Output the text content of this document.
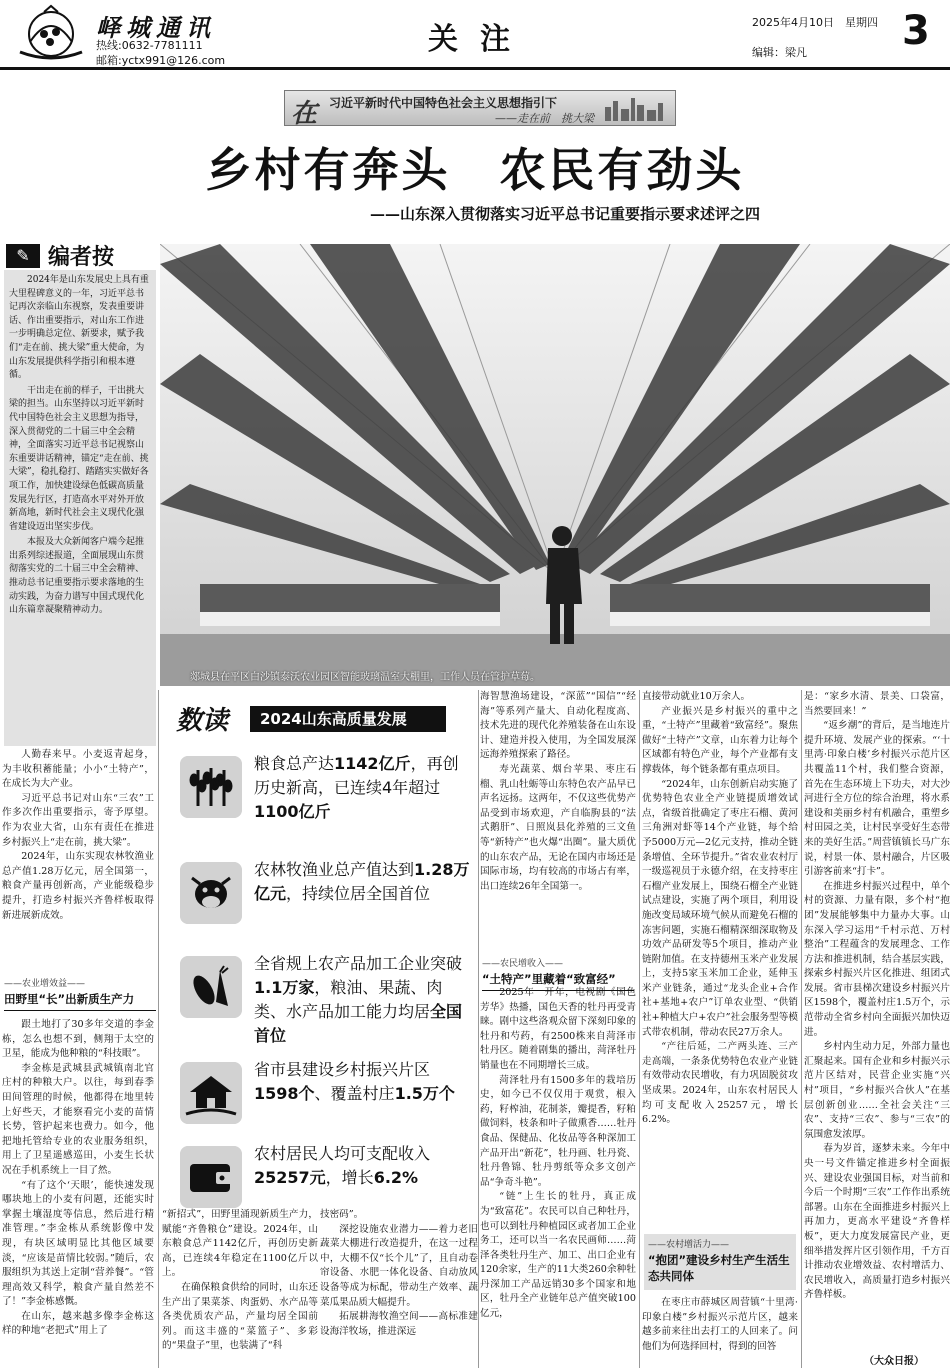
峄城通讯
热线:0632-7781111
邮箱:yctx991@126.com
关注	2025年4月10日　星期四
编辑：梁凡 3
在 习近平新时代中国特色社会主义思想指引下
——走在前　挑大梁
乡村有奔头　农民有劲头
——山东深入贯彻落实习近平总书记重要指示要求述评之四
✎ 编者按

2024年是山东发展史上具有重大里程碑意义的一年，习近平总书记再次亲临山东视察，发表重要讲话、作出重要指示，对山东工作进一步明确总定位、新要求，赋予我们“走在前、挑大梁”重大使命，为山东发展提供科学指引和根本遵循。

干出走在前的样子，干出挑大梁的担当。山东坚持以习近平新时代中国特色社会主义思想为指导，深入贯彻党的二十届三中全会精神，全面落实习近平总书记视察山东重要讲话精神，锚定“走在前、挑大梁”，稳扎稳打、踏踏实实做好各项工作，加快建设绿色低碳高质量发展先行区，打造高水平对外开放新高地，新时代社会主义现代化强省建设迈出坚实步伐。

本报及大众新闻客户端今起推出系列综述报道，全面展现山东贯彻落实党的二十届三中全会精神、推动总书记重要指示要求落地的生动实践，为奋力谱写中国式现代化山东篇章凝聚精神动力。

郯城县在平区白沙镇泰沃农业园区智能玻璃温室大棚里，工作人员在管护草莓。
数读	2024山东高质量发展
粮食总产达1142亿斤，再创历史新高，已连续4年超过1100亿斤
农林牧渔业总产值达到1.28万亿元，持续位居全国首位
全省规上农产品加工企业突破1.1万家，粮油、果蔬、肉类、水产品加工能力均居全国首位
省市县建设乡村振兴片区1598个、覆盖村庄1.5万个
农村居民人均可支配收入25257元，增长6.2%

人勤春来早。小麦返青起身，为丰收积蓄能量；小小“土特产”，在成长为大产业。

习近平总书记对山东“三农”工作多次作出重要指示，寄予厚望。作为农业大省，山东有责任在推进乡村振兴上“走在前，挑大梁”。

2024年，山东实现农林牧渔业总产值1.28万亿元，居全国第一，粮食产量再创新高，产业能级稳步提升，打造乡村振兴齐鲁样板取得新进展新成效。

——农业增效益——
田野里“长”出新质生产力

跟土地打了30多年交道的李金栋，怎么也想不到，侧翔于太空的卫星，能成为他种粮的“科技眼”。

李金栋是武城县武城镇南北官庄村的种粮大户。以往，每到春季田间管理的时候，他都得在地里转上好些天，才能察看完小麦的苗情长势，管护起来也费力。如今，他把地托管给专业的农业服务组织，用上了卫星遥感巡田，小麦生长状况在手机系统上一目了然。

“有了这个‘天眼’，能快速发现哪块地上的小麦有问题，还能实时掌握土壤湿度等信息，然后进行精准管理。”李金栋从系统影像中发现，有块区域明显比其他区域要淡，“应该是苗情比较弱。”随后，农服组织为其送上定制“营养餐”。“管理高效又科学，粮食产量自然差不了！”李金栋感慨。

在山东，越来越多像李金栋这样的种地“老把式”用上了

“新招式”，田野里涌现新质生产力，赋能“齐鲁粮仓”建设。2024年，山东粮食总产1142亿斤，再创历史新高，已连续4年稳定在1100亿斤以上。

在确保粮食供给的同时，山东还生产出了果菜茶、肉蛋奶、水产品等各类优质农产品，产量均居全国前列。而这丰盛的“菜篮子”、多彩的“果盘子”里，也装满了“科

技密码”。

深挖设施农业潜力——着力老旧蔬菜大棚进行改造提升，在这一过程中，大棚不仅“长个儿”了，且自动卷帘设备、水肥一体化设备、自动放风设备等成为标配，带动生产效率、蔬菜瓜果品质大幅提升。

拓展耕海牧渔空间——高标准建设海洋牧场，推进深远

海智慧渔场建设，“深蓝”“国信”“经海”等系列产量大、自动化程度高、技术先进的现代化养殖装备在山东设计、建造并投入使用，为全国发展深远海养殖探索了路径。

寿光蔬菜、烟台苹果、枣庄石榴、乳山牡蛎等山东特色农产品早已声名远扬。这两年，不仅这些优势产品受到市场欢迎，产自临朐县的“法式鹅肝”、日照岚县化养殖的三文鱼等“新特产”也火爆“出圈”。量大质优的山东农产品，无论在国内市场还是国际市场，均有较高的市场占有率，出口连续26年全国第一。

——农民增收入——
“土特产”里藏着“致富经”

2025年一开年，电视剧《国色芳华》热播，国色天香的牡丹再受青睐。剧中这些洛观众留下深刻印象的牡丹和芍药，有2500株来自菏泽市牡丹区。随着剧集的播出，菏泽牡丹销量也在不同期增长三成。

菏泽牡丹有1500多年的栽培历史，如今已不仅仅用于观赏，根入药，籽榨油，花制茶，瓣提香，籽粕做饲料，枝条和叶子做熏香……牡丹食品、保健品、化妆品等各种深加工产品开出“新花”，牡丹画、牡丹瓷、牡丹鲁锦、牡丹剪纸等众多文创产品“争奇斗艳”。

“链”上生长的牡丹，真正成为“致富花”。农民可以自己种牡丹，也可以到牡丹种植园区或者加工企业务工，还可以当一名农民画师……菏泽各类牡丹生产、加工、出口企业有120余家，生产的11大类260余种牡丹深加工产品远销30多个国家和地区，牡丹全产业链年总产值突破100亿元，

直接带动就业10万余人。

产业振兴是乡村振兴的重中之重，“土特产”里藏着“致富经”。聚焦做好“土特产”文章，山东着力让每个区域都有特色产业，每个产业都有支撑载体，每个链条都有重点项目。

“2024年，山东创新启动实施了优势特色农业全产业链提质增效试点，省级首批确定了枣庄石榴、黄河三角洲对虾等14个产业链，每个给予5000万元—2亿元支持，推动全链条增值、全环节提升。”省农业农村厅一级巡视员于永德介绍，在支持枣庄石榴产业发展上，围绕石榴全产业链试点建设，实施了两个项目，利用设施改变局域环境气候从而避免石榴的冻害问题，实施石榴精深细深取物及功效产品研发等5个项目，推动产业链附加值。在支持德州玉米产业发展上，支持5家玉米加工企业，延伸玉米产业链条，通过“龙头企业+合作社+基地+农户”订单农业型、“供销社+种植大户+农户”社会服务型等模式带农机制，带动农民27万余人。

“产往后延，二产两头连、三产走高端，一条条优势特色农业产业链有效带动农民增收，有力巩固脱贫攻坚成果。2024年，山东农村居民人均可支配收入25257元，增长6.2%。

——农村增活力——
“抱团”建设乡村生产生活生态共同体

在枣庄市薛城区周营镇“十里湾·印象白楼”乡村振兴示范片区，越来越多前来往出去打工的人回来了。问他们为何选择回村，得到的回答

是：“家乡水清、景美、口袋富，当然要回来！”

“返乡潮”的背后，是当地连片提升环境、发展产业的探索。“‘十里湾·印象白楼’乡村振兴示范片区共覆盖11个村，我们整合资源，首先在生态环境上下功夫，对大沙河进行全方位的综合治理，将水系建设和美丽乡村有机融合，重塑乡村田园之美，让村民享受好生态带来的美好生活。”周营镇镇长马广东说，村景一体、景村融合，片区吸引游客前来“打卡”。

在推进乡村振兴过程中，单个村的资源、力量有限，多个村“抱团”发展能够集中力量办大事。山东深入学习运用“千村示范、万村整治”工程蕴含的发展理念、工作方法和推进机制，结合基层实践，探索乡村振兴片区化推进、组团式发展。省市县梯次建设乡村振兴片区1598个，覆盖村庄1.5万个，示范带动全省乡村向全面振兴加快迈进。

乡村内生动力足，外部力量也汇聚起来。国有企业和乡村振兴示范片区结对，民营企业实施“兴村”项目，“乡村振兴合伙人”在基层创新创业……全社会关注“三农”、支持“三农”、参与“三农”的氛围愈发浓厚。

春为岁首，逐梦未来。今年中央一号文件锚定推进乡村全面振兴、建设农业强国目标，对当前和今后一个时期“三农”工作作出系统部署。山东在全面推进乡村振兴上再加力，更高水平建设“齐鲁样板”，更大力度发展富民产业，更细举措发挥片区引领作用，千方百计推动农业增效益、农村增活力、农民增收入，高质量打造乡村振兴齐鲁样板。

（大众日报）
